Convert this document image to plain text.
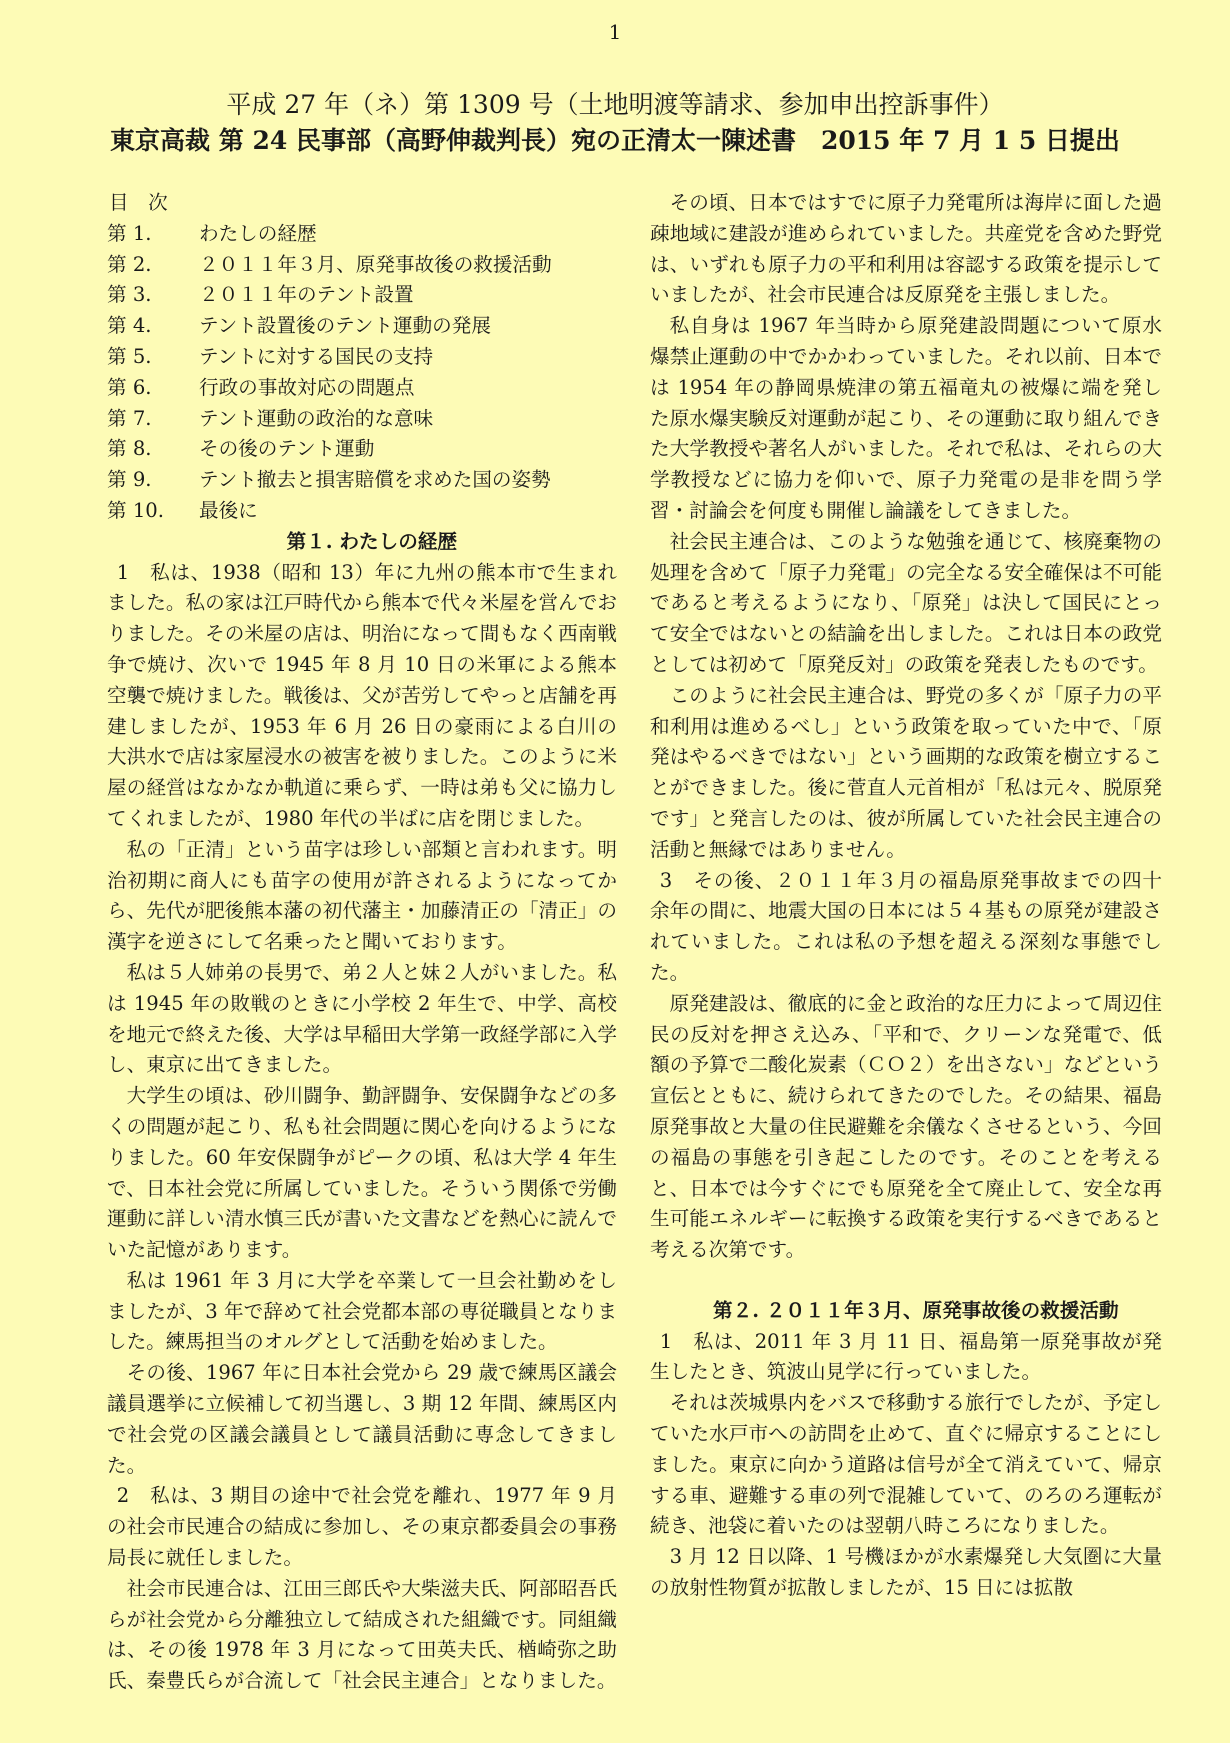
1
平成 27 年（ネ）第 1309 号（土地明渡等請求、参加申出控訴事件）
東京高裁 第 24 民事部（高野伸裁判長）宛の正清太一陳述書　2015 年 7 月 1 5 日提出

目　次

第 1.	わたしの経歴
第 2.	２０１１年３月、原発事故後の救援活動
第 3.	２０１１年のテント設置
第 4.	テント設置後のテント運動の発展
第 5.	テントに対する国民の支持
第 6.	行政の事故対応の問題点
第 7.	テント運動の政治的な意味
第 8.	その後のテント運動
第 9.	テント撤去と損害賠償を求めた国の姿勢
第 10.	最後に

第１. わたしの経歴

1　私は、1938（昭和 13）年に九州の熊本市で生まれました。私の家は江戸時代から熊本で代々米屋を営んでおりました。その米屋の店は、明治になって間もなく西南戦争で焼け、次いで 1945 年 8 月 10 日の米軍による熊本空襲で焼けました。戦後は、父が苦労してやっと店舗を再建しましたが、1953 年 6 月 26 日の豪雨による白川の大洪水で店は家屋浸水の被害を被りました。このように米屋の経営はなかなか軌道に乗らず、一時は弟も父に協力してくれましたが、1980 年代の半ばに店を閉じました。

私の「正清」という苗字は珍しい部類と言われます。明治初期に商人にも苗字の使用が許されるようになってから、先代が肥後熊本藩の初代藩主・加藤清正の「清正」の漢字を逆さにして名乗ったと聞いております。

私は５人姉弟の長男で、弟２人と妹２人がいました。私は 1945 年の敗戦のときに小学校 2 年生で、中学、高校を地元で終えた後、大学は早稲田大学第一政経学部に入学し、東京に出てきました。

大学生の頃は、砂川闘争、勤評闘争、安保闘争などの多くの問題が起こり、私も社会問題に関心を向けるようになりました。60 年安保闘争がピークの頃、私は大学 4 年生で、日本社会党に所属していました。そういう関係で労働運動に詳しい清水慎三氏が書いた文書などを熱心に読んでいた記憶があります。

私は 1961 年 3 月に大学を卒業して一旦会社勤めをしましたが、3 年で辞めて社会党都本部の専従職員となりました。練馬担当のオルグとして活動を始めました。

その後、1967 年に日本社会党から 29 歳で練馬区議会議員選挙に立候補して初当選し、3 期 12 年間、練馬区内で社会党の区議会議員として議員活動に専念してきました。

2　私は、3 期目の途中で社会党を離れ、1977 年 9 月の社会市民連合の結成に参加し、その東京都委員会の事務局長に就任しました。

社会市民連合は、江田三郎氏や大柴滋夫氏、阿部昭吾氏らが社会党から分離独立して結成された組織です。同組織は、その後 1978 年 3 月になって田英夫氏、楢崎弥之助氏、秦豊氏らが合流して「社会民主連合」となりました。

その頃、日本ではすでに原子力発電所は海岸に面した過疎地域に建設が進められていました。共産党を含めた野党は、いずれも原子力の平和利用は容認する政策を提示していましたが、社会市民連合は反原発を主張しました。

私自身は 1967 年当時から原発建設問題について原水爆禁止運動の中でかかわっていました。それ以前、日本では 1954 年の静岡県焼津の第五福竜丸の被爆に端を発した原水爆実験反対運動が起こり、その運動に取り組んできた大学教授や著名人がいました。それで私は、それらの大学教授などに協力を仰いで、原子力発電の是非を問う学習・討論会を何度も開催し論議をしてきました。

社会民主連合は、このような勉強を通じて、核廃棄物の処理を含めて「原子力発電」の完全なる安全確保は不可能であると考えるようになり、「原発」は決して国民にとって安全ではないとの結論を出しました。これは日本の政党としては初めて「原発反対」の政策を発表したものです。

このように社会民主連合は、野党の多くが「原子力の平和利用は進めるべし」という政策を取っていた中で、「原発はやるべきではない」という画期的な政策を樹立することができました。後に菅直人元首相が「私は元々、脱原発です」と発言したのは、彼が所属していた社会民主連合の活動と無縁ではありません。

3　その後、２０１１年３月の福島原発事故までの四十余年の間に、地震大国の日本には５４基もの原発が建設されていました。これは私の予想を超える深刻な事態でした。

原発建設は、徹底的に金と政治的な圧力によって周辺住民の反対を押さえ込み、「平和で、クリーンな発電で、低額の予算で二酸化炭素（ＣＯ２）を出さない」などという宣伝とともに、続けられてきたのでした。その結果、福島原発事故と大量の住民避難を余儀なくさせるという、今回の福島の事態を引き起こしたのです。そのことを考えると、日本では今すぐにでも原発を全て廃止して、安全な再生可能エネルギーに転換する政策を実行するべきであると考える次第です。

第２. ２０１１年３月、原発事故後の救援活動

1　私は、2011 年 3 月 11 日、福島第一原発事故が発生したとき、筑波山見学に行っていました。

それは茨城県内をバスで移動する旅行でしたが、予定していた水戸市への訪問を止めて、直ぐに帰京することにしました。東京に向かう道路は信号が全て消えていて、帰京する車、避難する車の列で混雑していて、のろのろ運転が続き、池袋に着いたのは翌朝八時ころになりました。

3 月 12 日以降、1 号機ほかが水素爆発し大気圏に大量の放射性物質が拡散しましたが、15 日には拡散
